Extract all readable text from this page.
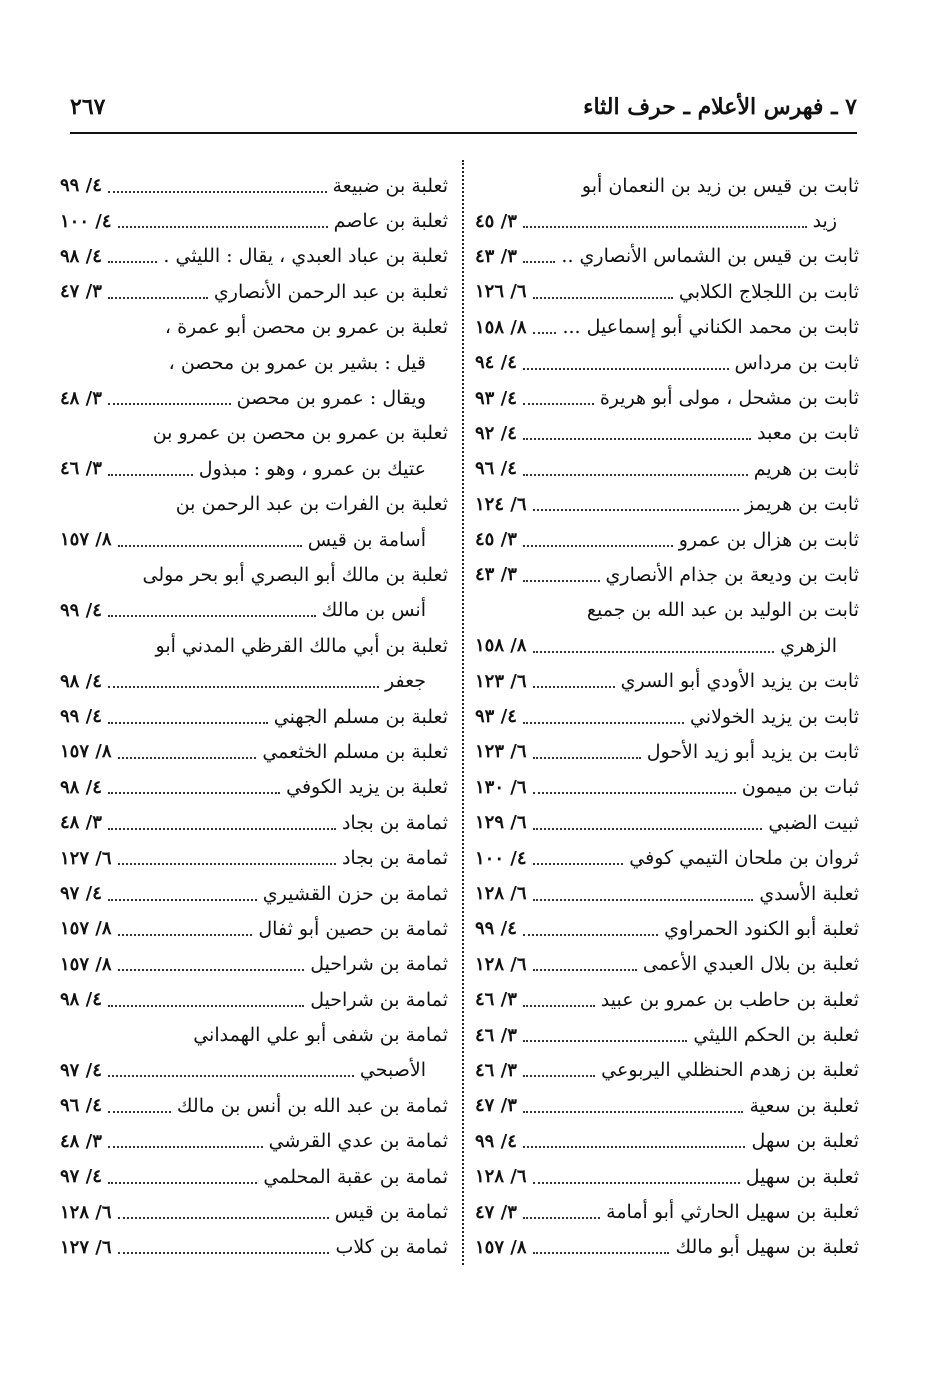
٧ ـ فهرس الأعلام ـ حرف الثاء
٢٦٧
ثابت بن قيس بن زيد بن النعمان أبو
زيد
٣/ ٤٥
ثابت بن قيس بن الشماس الأنصاري ..
٣/ ٤٣
ثابت بن اللجلاج الكلابي
٦/ ١٢٦
ثابت بن محمد الكناني أبو إسماعيل ...
٨/ ١٥٨
ثابت بن مرداس
٤/ ٩٤
ثابت بن مشحل ، مولى أبو هريرة
٤/ ٩٣
ثابت بن معبد
٤/ ٩٢
ثابت بن هريم
٤/ ٩٦
ثابت بن هريمز
٦/ ١٢٤
ثابت بن هزال بن عمرو
٣/ ٤٥
ثابت بن وديعة بن جذام الأنصاري
٣/ ٤٣
ثابت بن الوليد بن عبد الله بن جميع
الزهري
٨/ ١٥٨
ثابت بن يزيد الأودي أبو السري
٦/ ١٢٣
ثابت بن يزيد الخولاني
٤/ ٩٣
ثابت بن يزيد أبو زيد الأحول
٦/ ١٢٣
ثبات بن ميمون
٦/ ١٣٠
ثبيت الضبي
٦/ ١٢٩
ثروان بن ملحان التيمي كوفي
٤/ ١٠٠
ثعلبة الأسدي
٦/ ١٢٨
ثعلبة أبو الكنود الحمراوي
٤/ ٩٩
ثعلبة بن بلال العبدي الأعمى
٦/ ١٢٨
ثعلبة بن حاطب بن عمرو بن عبيد
٣/ ٤٦
ثعلبة بن الحكم الليثي
٣/ ٤٦
ثعلبة بن زهدم الحنظلي اليربوعي
٣/ ٤٦
ثعلبة بن سعية
٣/ ٤٧
ثعلبة بن سهل
٤/ ٩٩
ثعلبة بن سهيل
٦/ ١٢٨
ثعلبة بن سهيل الحارثي أبو أمامة
٣/ ٤٧
ثعلبة بن سهيل أبو مالك
٨/ ١٥٧
ثعلبة بن ضبيعة
٤/ ٩٩
ثعلبة بن عاصم
٤/ ١٠٠
ثعلبة بن عباد العبدي ، يقال : الليثي .
٤/ ٩٨
ثعلبة بن عبد الرحمن الأنصاري
٣/ ٤٧
ثعلبة بن عمرو بن محصن أبو عمرة ،
قيل : بشير بن عمرو بن محصن ،
ويقال : عمرو بن محصن
٣/ ٤٨
ثعلبة بن عمرو بن محصن بن عمرو بن
عتيك بن عمرو ، وهو : مبذول
٣/ ٤٦
ثعلبة بن الفرات بن عبد الرحمن بن
أسامة بن قيس
٨/ ١٥٧
ثعلبة بن مالك أبو البصري أبو بحر مولى
أنس بن مالك
٤/ ٩٩
ثعلبة بن أبي مالك القرظي المدني أبو
جعفر
٤/ ٩٨
ثعلبة بن مسلم الجهني
٤/ ٩٩
ثعلبة بن مسلم الخثعمي
٨/ ١٥٧
ثعلبة بن يزيد الكوفي
٤/ ٩٨
ثمامة بن بجاد
٣/ ٤٨
ثمامة بن بجاد
٦/ ١٢٧
ثمامة بن حزن القشيري
٤/ ٩٧
ثمامة بن حصين أبو ثفال
٨/ ١٥٧
ثمامة بن شراحيل
٨/ ١٥٧
ثمامة بن شراحيل
٤/ ٩٨
ثمامة بن شفى أبو علي الهمداني
الأصبحي
٤/ ٩٧
ثمامة بن عبد الله بن أنس بن مالك
٤/ ٩٦
ثمامة بن عدي القرشي
٣/ ٤٨
ثمامة بن عقبة المحلمي
٤/ ٩٧
ثمامة بن قيس
٦/ ١٢٨
ثمامة بن كلاب
٦/ ١٢٧
